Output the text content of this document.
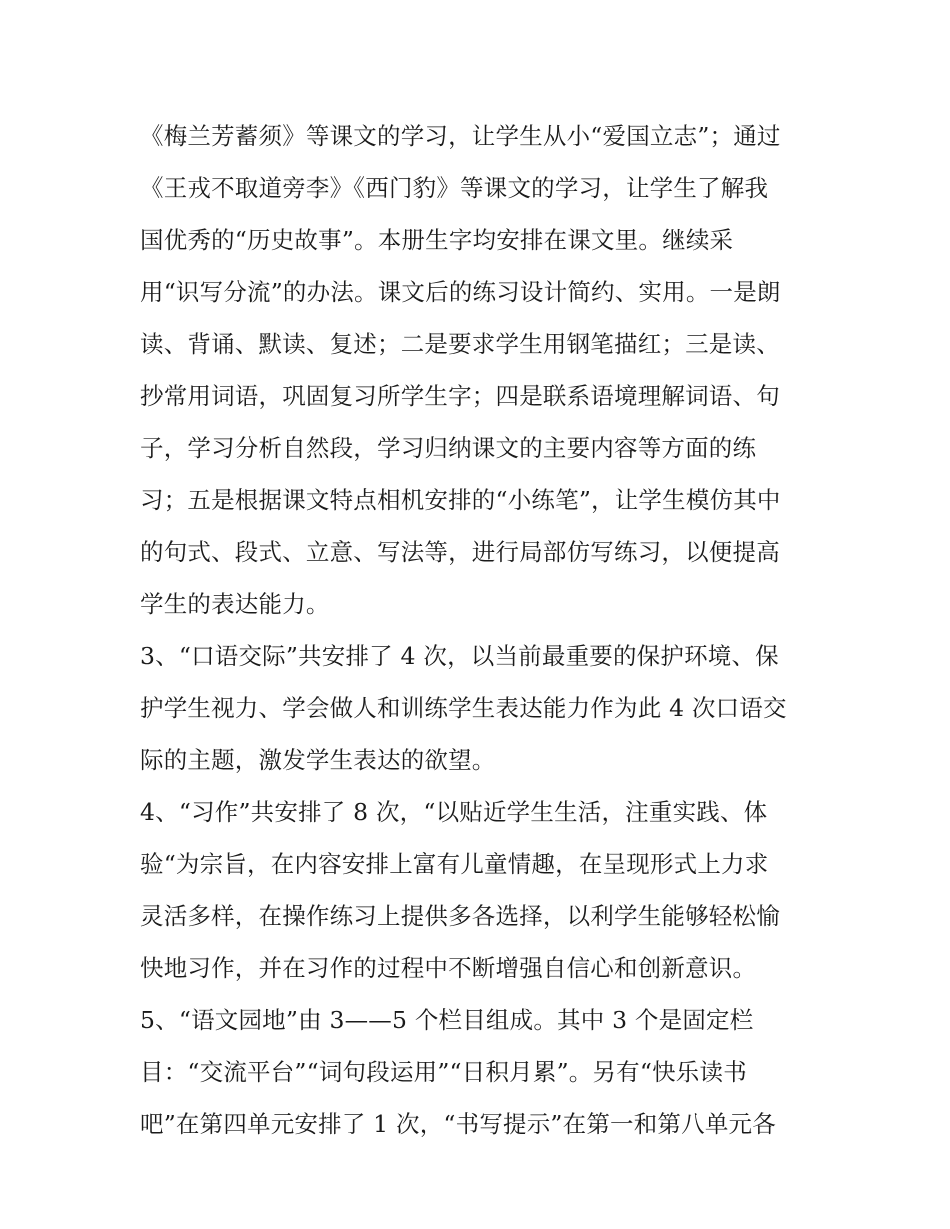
《梅兰芳蓄须》等课文的学习，让学生从小“爱国立志”；通过
《王戎不取道旁李》《西门豹》等课文的学习，让学生了解我
国优秀的“历史故事”。本册生字均安排在课文里。继续采
用“识写分流”的办法。课文后的练习设计简约、实用。一是朗
读、背诵、默读、复述；二是要求学生用钢笔描红；三是读、
抄常用词语，巩固复习所学生字；四是联系语境理解词语、句
子，学习分析自然段，学习归纳课文的主要内容等方面的练
习；五是根据课文特点相机安排的“小练笔”，让学生模仿其中
的句式、段式、立意、写法等，进行局部仿写练习，以便提高
学生的表达能力。
3、“口语交际”共安排了 4 次，以当前最重要的保护环境、保
护学生视力、学会做人和训练学生表达能力作为此 4 次口语交
际的主题，激发学生表达的欲望。
4、“习作”共安排了 8 次，“以贴近学生生活，注重实践、体
验“为宗旨，在内容安排上富有儿童情趣，在呈现形式上力求
灵活多样，在操作练习上提供多各选择，以利学生能够轻松愉
快地习作，并在习作的过程中不断增强自信心和创新意识。
5、“语文园地”由 3——5 个栏目组成。其中 3 个是固定栏
目：“交流平台”“词句段运用”“日积月累”。另有“快乐读书
吧”在第四单元安排了 1 次，“书写提示”在第一和第八单元各
